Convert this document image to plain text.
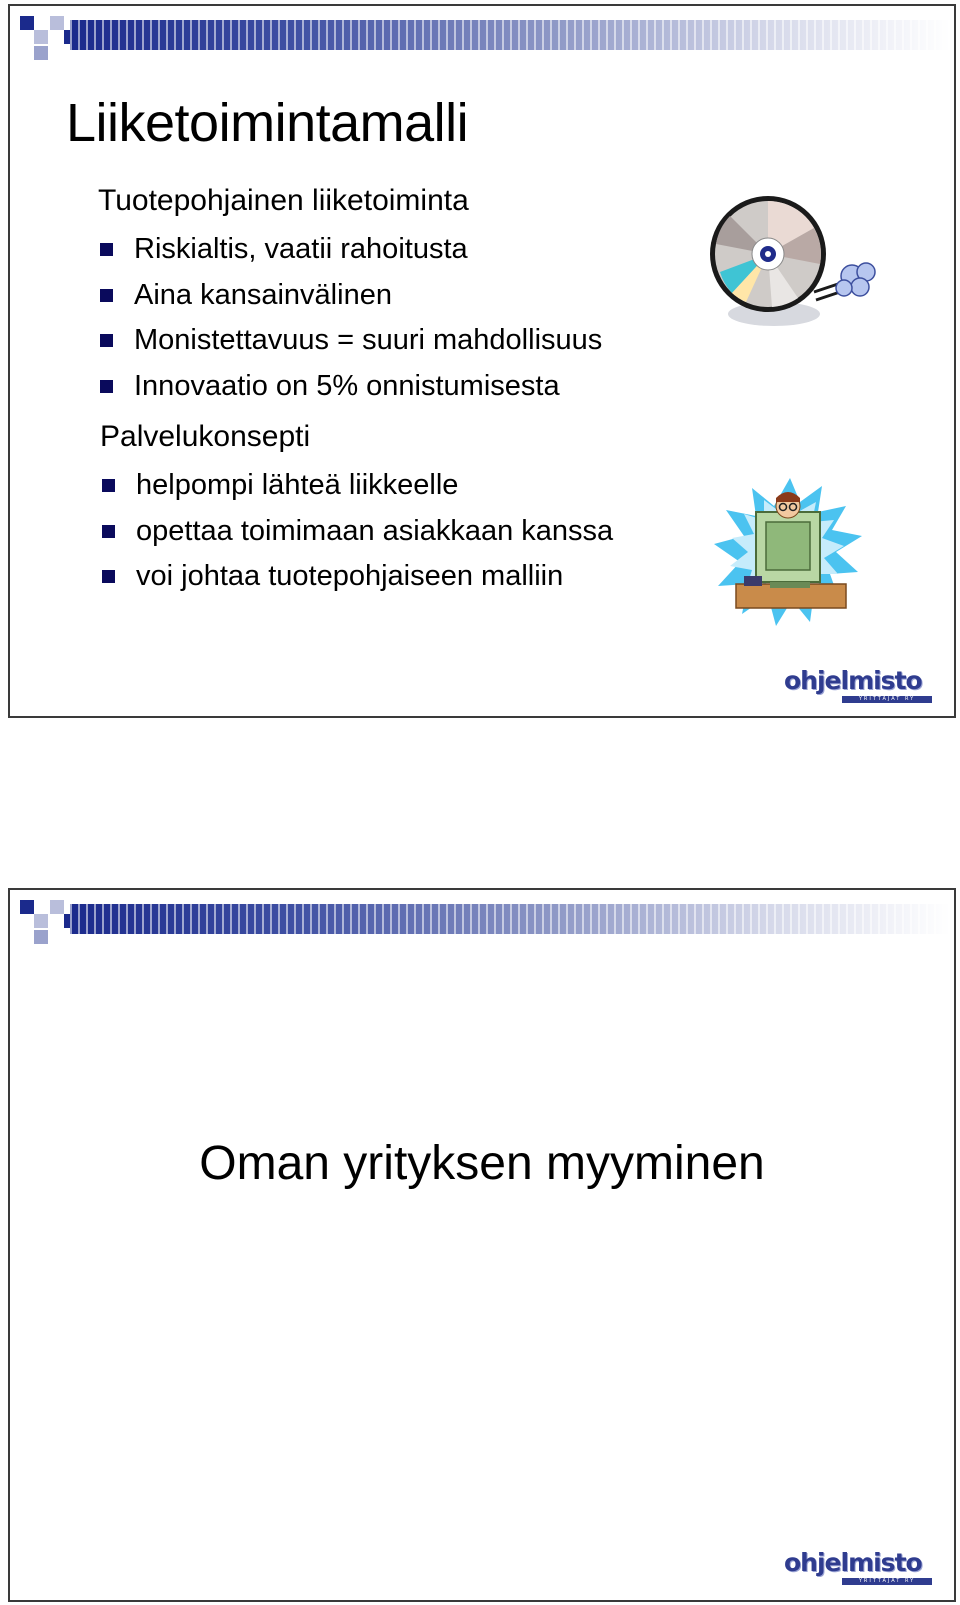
Liiketoimintamalli
Tuotepohjainen liiketoiminta
Riskialtis, vaatii rahoitusta
Aina kansainvälinen
Monistettavuus = suuri mahdollisuus
Innovaatio on 5% onnistumisesta
Palvelukonsepti
helpompi lähteä liikkeelle
opettaa toimimaan asiakkaan kanssa
voi johtaa tuotepohjaiseen malliin
ohjelmisto
YRITTÄJÄT RY
Oman yrityksen myyminen
ohjelmisto
YRITTÄJÄT RY
